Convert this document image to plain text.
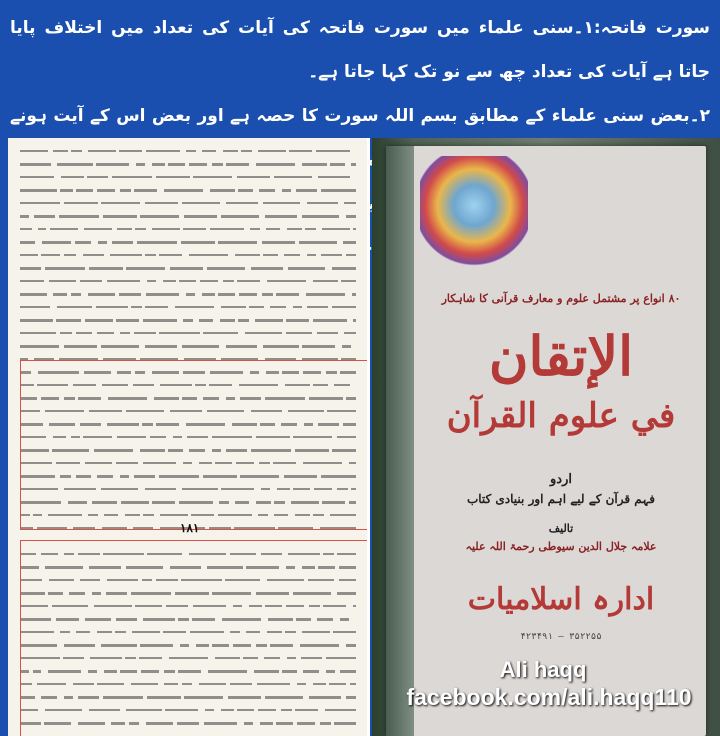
سورت فاتحہ:۱۔سنی علماء میں سورت فاتحہ کی آیات کی تعداد میں اختلاف پایا جاتا ہے آیات کی تعداد چھ سے نو تک کہا جاتا ہے۔

۲۔بعض سنی علماء کے مطابق بسم اللہ سورت کا حصہ ہے اور بعض اس کے آیت ہونے

۱۸۱
۸۰ انواع پر مشتمل علوم و معارف قرآنی کا شاہکار
الإتقان
في علوم القرآن
اردو
فہم قرآن کے لیے اہم اور بنیادی کتاب
تالیف
علامہ جلال الدین سیوطی رحمۃ اللہ علیہ
ادارہ اسلامیات
۴۲۳۴۹۱ — ۳۵۲۲۵۵
Ali haqq
facebook.com/ali.haqq110
